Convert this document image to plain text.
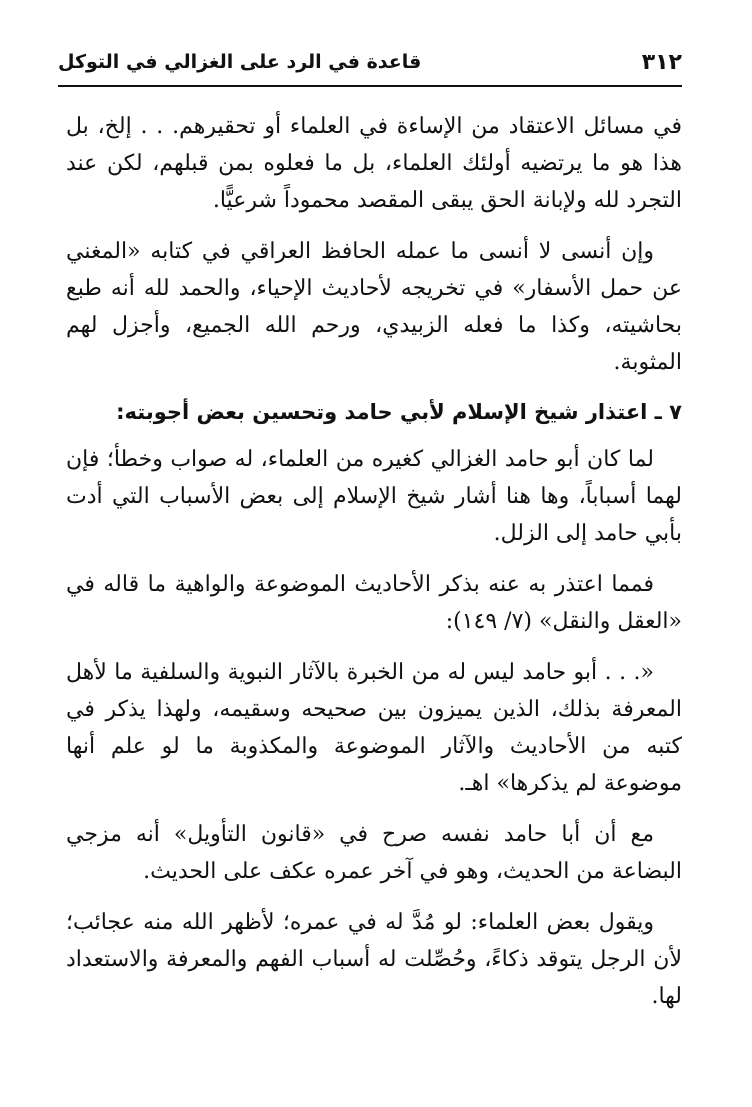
٣١٢
قاعدة في الرد على الغزالي في التوكل

في مسائل الاعتقاد من الإساءة في العلماء أو تحقيرهم. . . إلخ، بل هذا هو ما يرتضيه أولئك العلماء، بل ما فعلوه بمن قبلهم، لكن عند التجرد لله ولإبانة الحق يبقى المقصد محموداً شرعيًّا.

وإن أنسى لا أنسى ما عمله الحافظ العراقي في كتابه «المغني عن حمل الأسفار» في تخريجه لأحاديث الإحياء، والحمد لله أنه طبع بحاشيته، وكذا ما فعله الزبيدي، ورحم الله الجميع، وأجزل لهم المثوبة.

٧ ـ اعتذار شيخ الإسلام لأبي حامد وتحسين بعض أجوبته:

لما كان أبو حامد الغزالي كغيره من العلماء، له صواب وخطأ؛ فإن لهما أسباباً، وها هنا أشار شيخ الإسلام إلى بعض الأسباب التي أدت بأبي حامد إلى الزلل.

فمما اعتذر به عنه بذكر الأحاديث الموضوعة والواهية ما قاله في «العقل والنقل» (٧/ ١٤٩):

«. . . أبو حامد ليس له من الخبرة بالآثار النبوية والسلفية ما لأهل المعرفة بذلك، الذين يميزون بين صحيحه وسقيمه، ولهذا يذكر في كتبه من الأحاديث والآثار الموضوعة والمكذوبة ما لو علم أنها موضوعة لم يذكرها» اهـ.

مع أن أبا حامد نفسه صرح في «قانون التأويل» أنه مزجي البضاعة من الحديث، وهو في آخر عمره عكف على الحديث.

ويقول بعض العلماء: لو مُدَّ له في عمره؛ لأظهر الله منه عجائب؛ لأن الرجل يتوقد ذكاءً، وحُصِّلت له أسباب الفهم والمعرفة والاستعداد لها.
